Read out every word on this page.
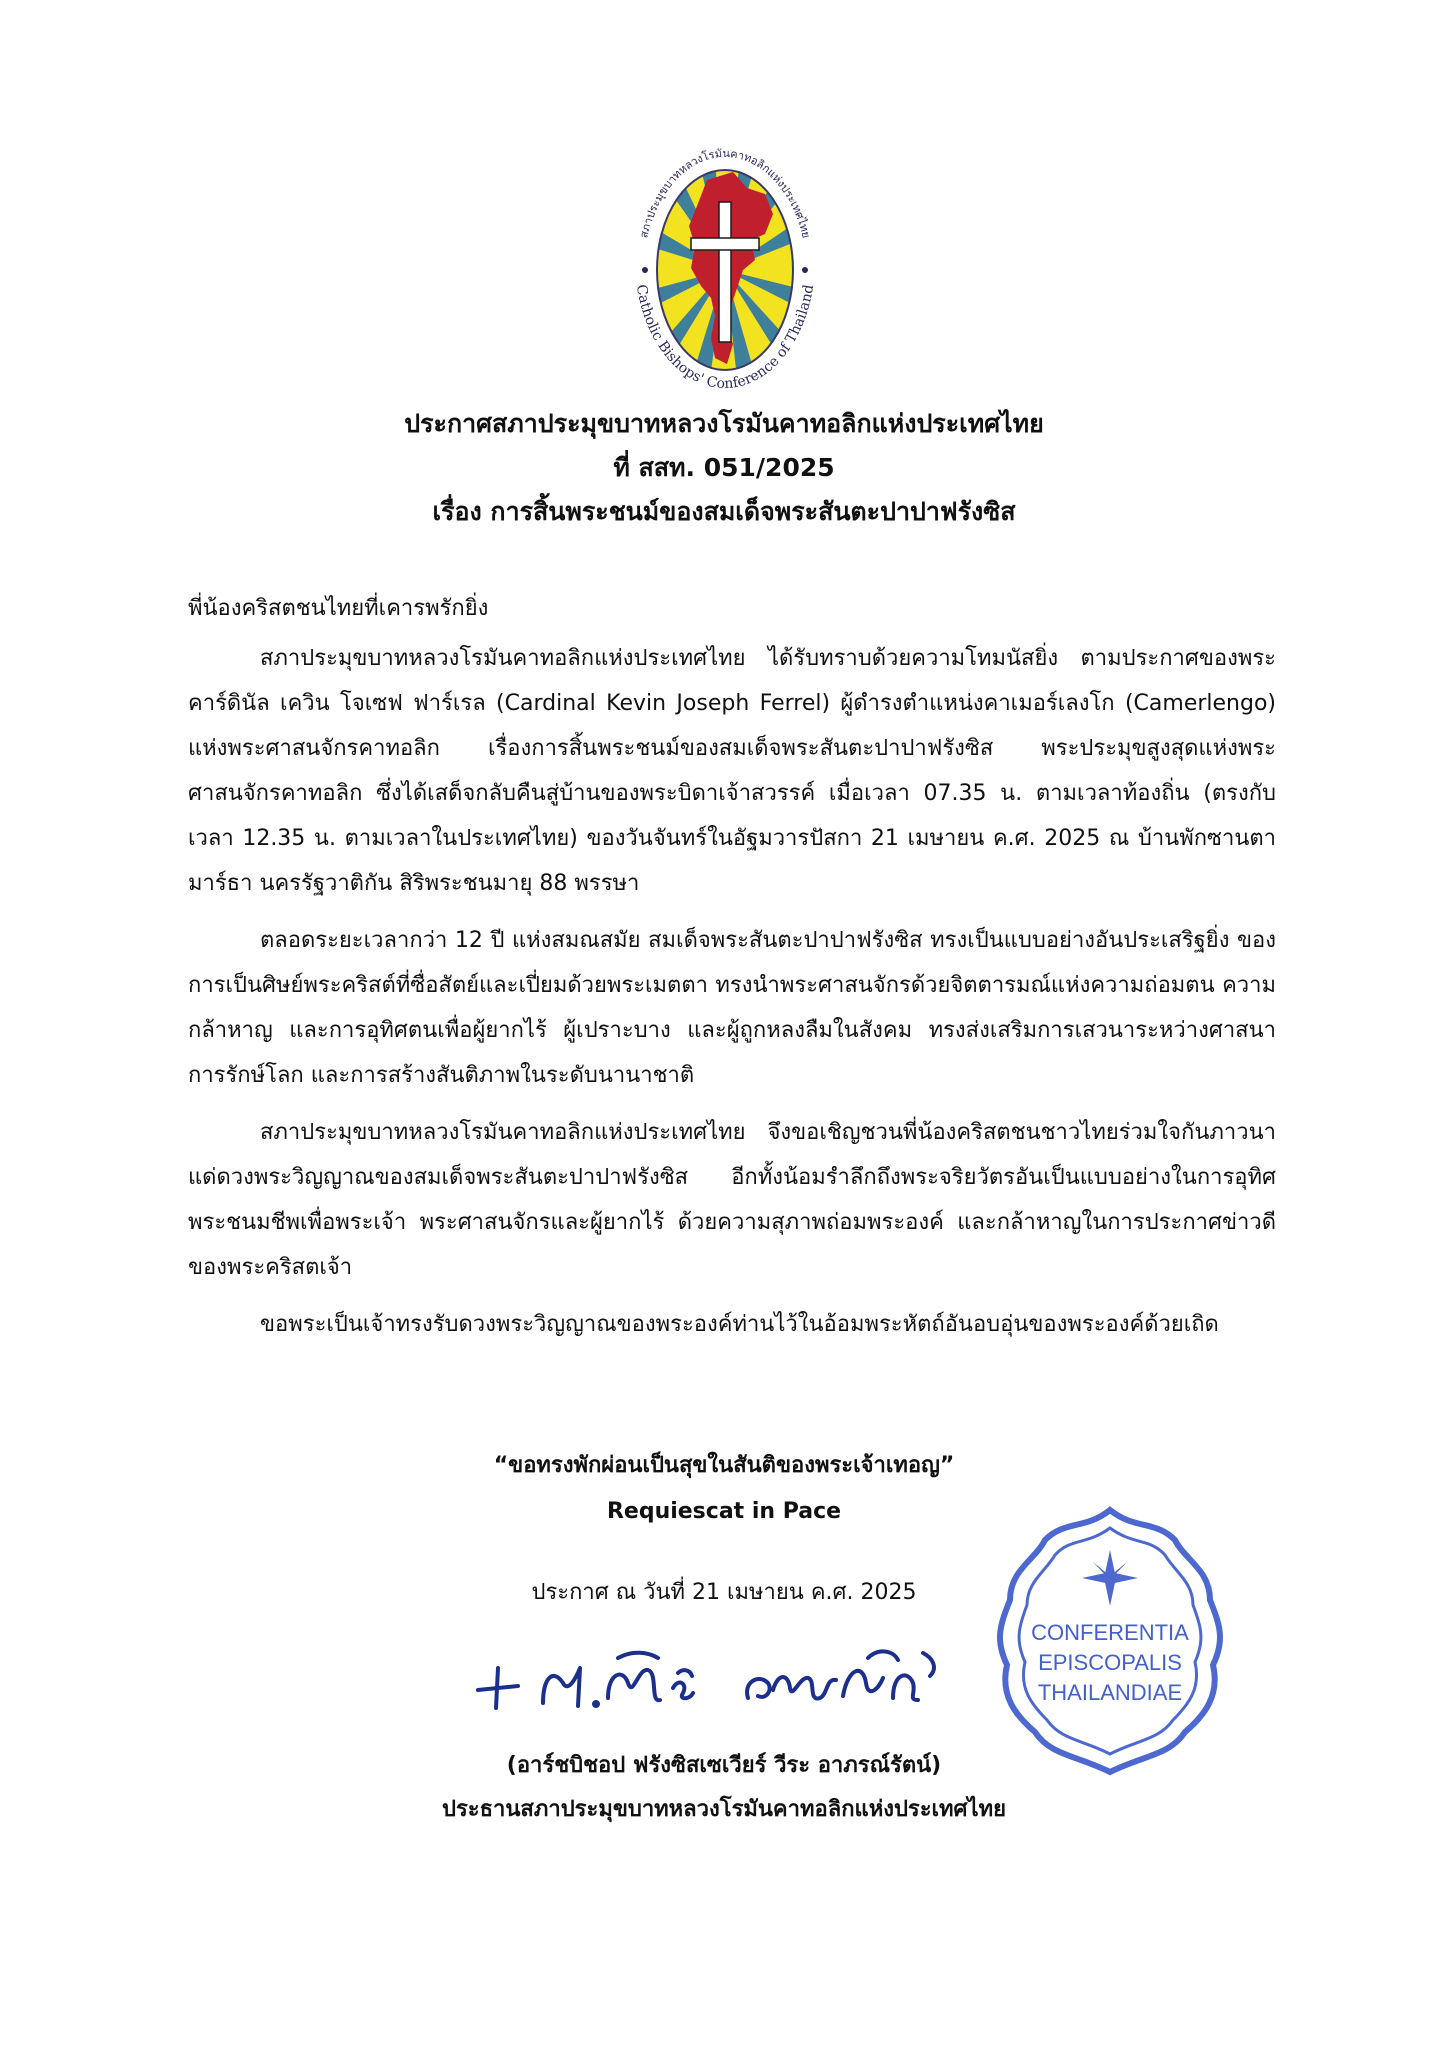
สภาประมุขบาทหลวงโรมันคาทอลิกแห่งประเทศไทย
Catholic Bishops' Conference of Thailand
ประกาศสภาประมุขบาทหลวงโรมันคาทอลิกแห่งประเทศไทย
ที่ สสท. 051/2025
เรื่อง การสิ้นพระชนม์ของสมเด็จพระสันตะปาปาฟรังซิส
พี่น้องคริสตชนไทยที่เคารพรักยิ่ง

สภาประมุขบาทหลวงโรมันคาทอลิกแห่งประเทศไทย ได้รับทราบด้วยความโทมนัสยิ่ง ตามประกาศของพระคาร์ดินัล เควิน โจเซฟ ฟาร์เรล (Cardinal Kevin Joseph Ferrel) ผู้ดำรงตำแหน่งคาเมอร์เลงโก (Camerlengo) แห่งพระศาสนจักรคาทอลิก เรื่องการสิ้นพระชนม์ของสมเด็จพระสันตะปาปาฟรังซิส พระประมุขสูงสุดแห่งพระศาสนจักรคาทอลิก ซึ่งได้เสด็จกลับคืนสู่บ้านของพระบิดาเจ้าสวรรค์ เมื่อเวลา 07.35 น. ตามเวลาท้องถิ่น (ตรงกับเวลา 12.35 น. ตามเวลาในประเทศไทย) ของวันจันทร์ในอัฐมวารปัสกา 21 เมษายน ค.ศ. 2025 ณ บ้านพักซานตามาร์ธา นครรัฐวาติกัน สิริพระชนมายุ 88 พรรษา

ตลอดระยะเวลากว่า 12 ปี แห่งสมณสมัย สมเด็จพระสันตะปาปาฟรังซิส ทรงเป็นแบบอย่างอันประเสริฐยิ่ง ของการเป็นศิษย์พระคริสต์ที่ซื่อสัตย์และเปี่ยมด้วยพระเมตตา ทรงนำพระศาสนจักรด้วยจิตตารมณ์แห่งความถ่อมตน ความกล้าหาญ และการอุทิศตนเพื่อผู้ยากไร้ ผู้เปราะบาง และผู้ถูกหลงลืมในสังคม ทรงส่งเสริมการเสวนาระหว่างศาสนา การรักษ์โลก และการสร้างสันติภาพในระดับนานาชาติ

สภาประมุขบาทหลวงโรมันคาทอลิกแห่งประเทศไทย จึงขอเชิญชวนพี่น้องคริสตชนชาวไทยร่วมใจกันภาวนาแด่ดวงพระวิญญาณของสมเด็จพระสันตะปาปาฟรังซิส อีกทั้งน้อมรำลึกถึงพระจริยวัตรอันเป็นแบบอย่างในการอุทิศพระชนมชีพเพื่อพระเจ้า พระศาสนจักรและผู้ยากไร้ ด้วยความสุภาพถ่อมพระองค์ และกล้าหาญในการประกาศข่าวดีของพระคริสตเจ้า

ขอพระเป็นเจ้าทรงรับดวงพระวิญญาณของพระองค์ท่านไว้ในอ้อมพระหัตถ์อันอบอุ่นของพระองค์ด้วยเถิด

“ขอทรงพักผ่อนเป็นสุขในสันติของพระเจ้าเทอญ”
Requiescat in Pace
ประกาศ ณ วันที่ 21 เมษายน ค.ศ. 2025
CONFERENTIA
EPISCOPALIS
THAILANDIAE
(อาร์ชบิชอป ฟรังซิสเซเวียร์ วีระ อาภรณ์รัตน์)
ประธานสภาประมุขบาทหลวงโรมันคาทอลิกแห่งประเทศไทย
